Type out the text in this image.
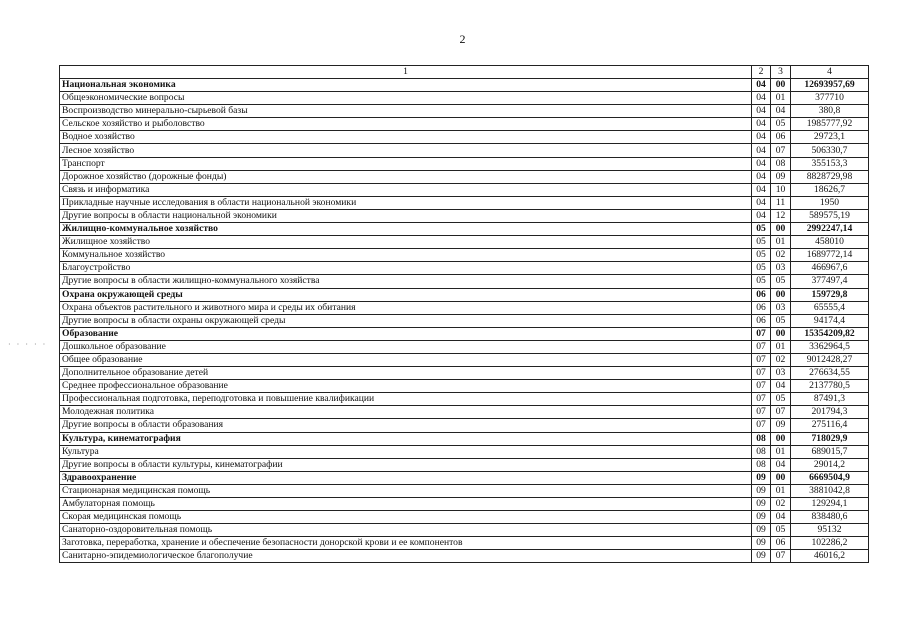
2
· · · · ·
1	2	3	4
Национальная экономика	04	00	12693957,69
Общеэкономические вопросы	04	01	377710
Воспроизводство минерально-сырьевой базы	04	04	380,8
Сельское хозяйство и рыболовство	04	05	1985777,92
Водное хозяйство	04	06	29723,1
Лесное хозяйство	04	07	506330,7
Транспорт	04	08	355153,3
Дорожное хозяйство (дорожные фонды)	04	09	8828729,98
Связь и информатика	04	10	18626,7
Прикладные научные исследования в области национальной экономики	04	11	1950
Другие вопросы в области национальной экономики	04	12	589575,19
Жилищно-коммунальное хозяйство	05	00	2992247,14
Жилищное хозяйство	05	01	458010
Коммунальное хозяйство	05	02	1689772,14
Благоустройство	05	03	466967,6
Другие вопросы в области жилищно-коммунального хозяйства	05	05	377497,4
Охрана окружающей среды	06	00	159729,8
Охрана объектов растительного и животного мира и среды их обитания	06	03	65555,4
Другие вопросы в области охраны окружающей среды	06	05	94174,4
Образование	07	00	15354209,82
Дошкольное образование	07	01	3362964,5
Общее образование	07	02	9012428,27
Дополнительное образование детей	07	03	276634,55
Среднее профессиональное образование	07	04	2137780,5
Профессиональная подготовка, переподготовка и повышение квалификации	07	05	87491,3
Молодежная политика	07	07	201794,3
Другие вопросы в области образования	07	09	275116,4
Культура, кинематография	08	00	718029,9
Культура	08	01	689015,7
Другие вопросы в области культуры, кинематографии	08	04	29014,2
Здравоохранение	09	00	6669504,9
Стационарная медицинская помощь	09	01	3881042,8
Амбулаторная помощь	09	02	129294,1
Скорая медицинская помощь	09	04	838480,6
Санаторно-оздоровительная помощь	09	05	95132
Заготовка, переработка, хранение и обеспечение безопасности донорской крови и ее компонентов	09	06	102286,2
Санитарно-эпидемиологическое благополучие	09	07	46016,2
